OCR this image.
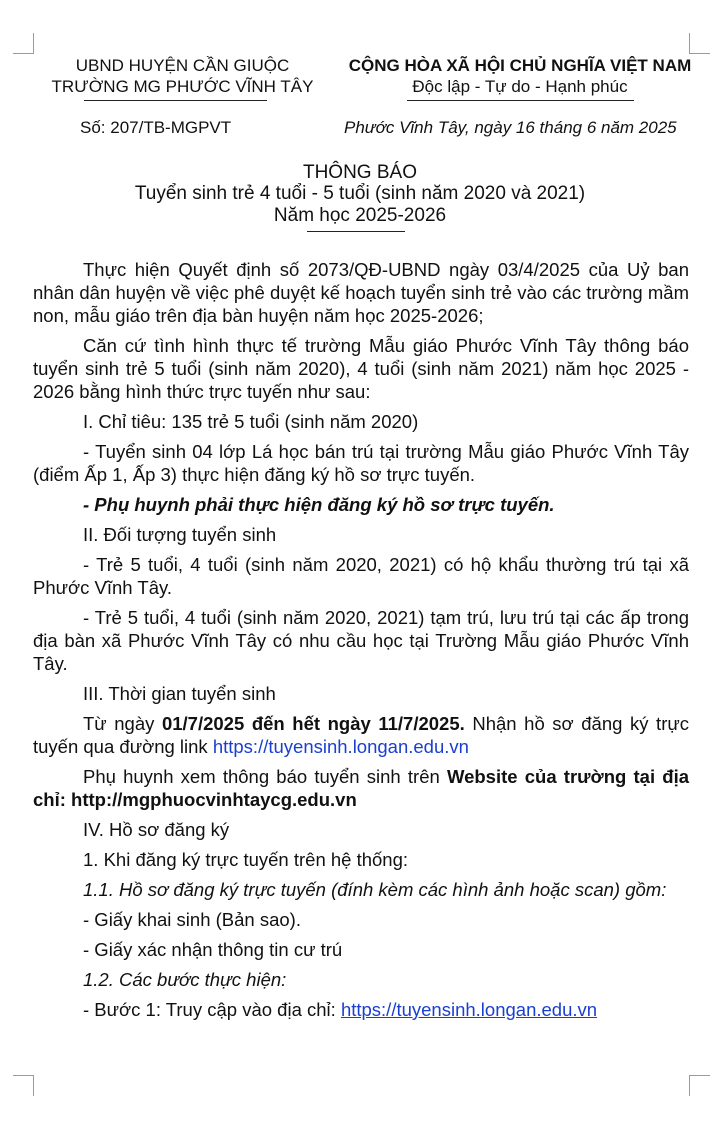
UBND HUYỆN CẦN GIUỘC
TRƯỜNG MG PHƯỚC VĨNH TÂY
CỘNG HÒA XÃ HỘI CHỦ NGHĨA VIỆT NAM
Độc lập - Tự do - Hạnh phúc
Số: 207/TB-MGPVT	Phước Vĩnh Tây, ngày 16 tháng 6 năm 2025
THÔNG BÁO
Tuyển sinh trẻ 4 tuổi - 5 tuổi (sinh năm 2020 và 2021)
Năm học 2025-2026

Thực hiện Quyết định số 2073/QĐ-UBND ngày 03/4/2025 của Uỷ ban nhân dân huyện về việc phê duyệt kế hoạch tuyển sinh trẻ vào các trường mầm non, mẫu giáo trên địa bàn huyện năm học 2025-2026;

Căn cứ tình hình thực tế trường Mẫu giáo Phước Vĩnh Tây thông báo tuyển sinh trẻ 5 tuổi (sinh năm 2020), 4 tuổi (sinh năm 2021) năm học 2025 - 2026 bằng hình thức trực tuyến như sau:

I. Chỉ tiêu: 135 trẻ 5 tuổi (sinh năm 2020)

- Tuyển sinh 04 lớp Lá học bán trú tại trường Mẫu giáo Phước Vĩnh Tây (điểm Ấp 1, Ấp 3) thực hiện đăng ký hồ sơ trực tuyến.

- Phụ huynh phải thực hiện đăng ký hồ sơ trực tuyến.

II. Đối tượng tuyển sinh

- Trẻ 5 tuổi, 4 tuổi (sinh năm 2020, 2021) có hộ khẩu thường trú tại xã Phước Vĩnh Tây.

- Trẻ 5 tuổi, 4 tuổi (sinh năm 2020, 2021) tạm trú, lưu trú tại các ấp trong địa bàn xã Phước Vĩnh Tây có nhu cầu học tại Trường Mẫu giáo Phước Vĩnh Tây.

III. Thời gian tuyển sinh

Từ ngày 01/7/2025 đến hết ngày 11/7/2025. Nhận hồ sơ đăng ký trực tuyến qua đường link https://tuyensinh.longan.edu.vn

Phụ huynh xem thông báo tuyển sinh trên Website của trường tại địa chỉ: http://mgphuocvinhtaycg.edu.vn

IV. Hồ sơ đăng ký

1. Khi đăng ký trực tuyến trên hệ thống:

1.1. Hồ sơ đăng ký trực tuyến (đính kèm các hình ảnh hoặc scan) gồm:

- Giấy khai sinh (Bản sao).

- Giấy xác nhận thông tin cư trú

1.2. Các bước thực hiện:

- Bước 1: Truy cập vào địa chỉ: https://tuyensinh.longan.edu.vn
